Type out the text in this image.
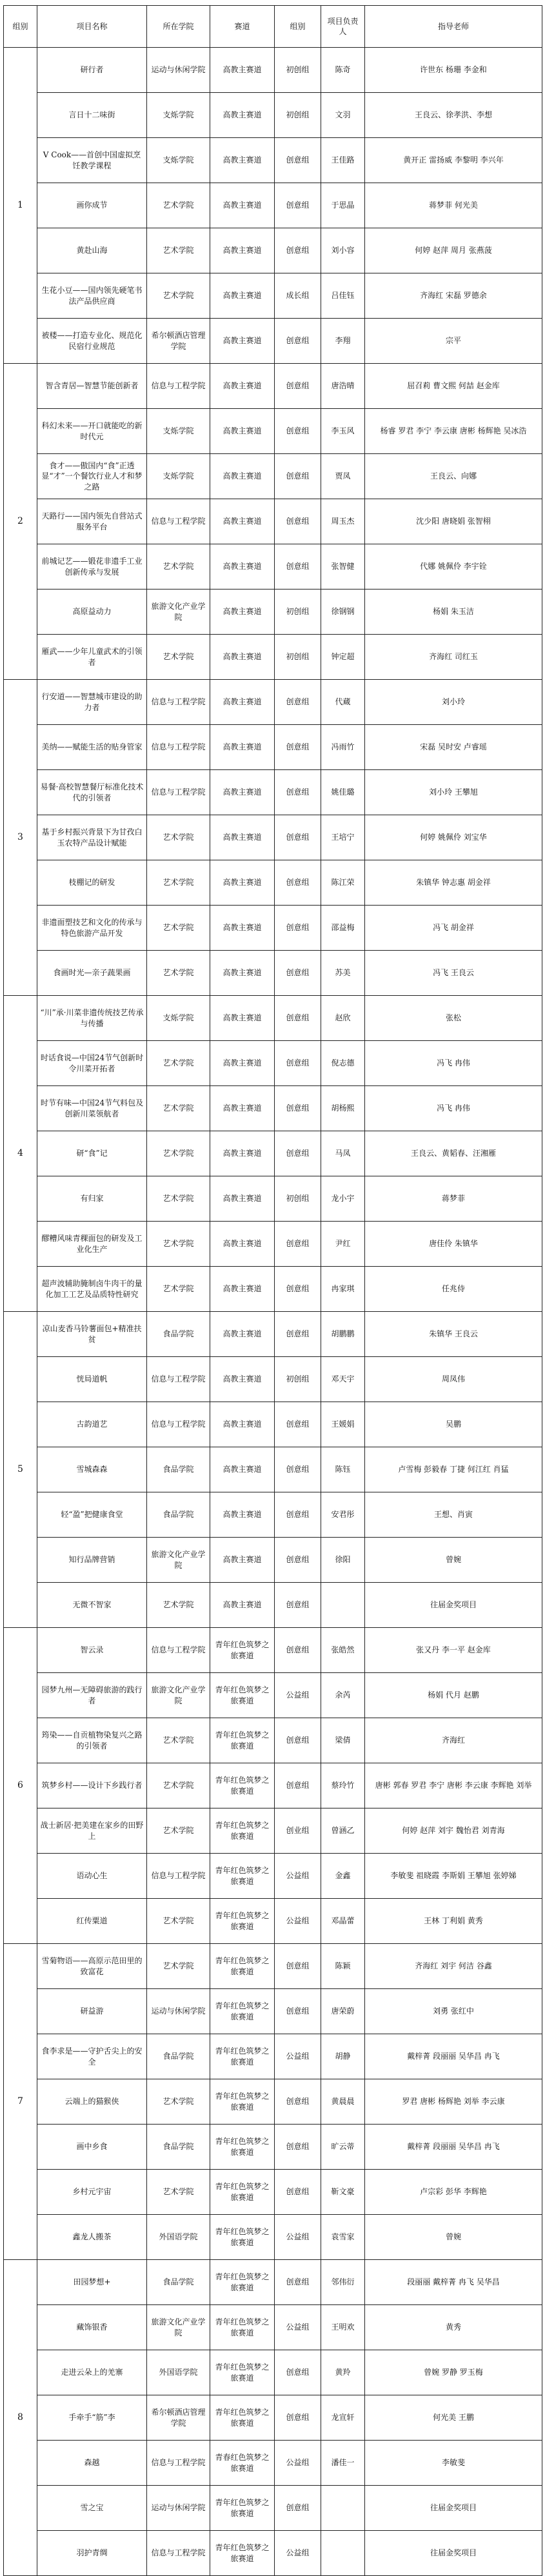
组别	项目名称	所在学院	赛道	组别	项目负责人	指导老师
1	研行者	运动与休闲学院	高教主赛道	初创组	陈奇	许世东 杨珊 李金和
	言日十二味街	支烁学院	高教主赛道	初创组	文羽	王良云、徐孝洪、李想
	V Cook——首创中国虚拟烹饪教学课程	支烁学院	高教主赛道	创意组	王佳路	黄开正 雷扬威 李黎明 李兴年
	画你成节	艺术学院	高教主赛道	创意组	于思晶	蒋梦菲 何光美
	黄赴山海	艺术学院	高教主赛道	创意组	刘小容	何婷 赵萍 周月 张燕菠
	生花小豆——国内领先硬笔书法产品供应商	艺术学院	高教主赛道	成长组	吕佳钰	齐海红 宋磊 罗德余
	被楼——打造专业化、规范化民宿行业规范	希尔顿酒店管理学院	高教主赛道	创意组	李翔	宗平
2	智含青居—智慧节能创新者	信息与工程学院	高教主赛道	创意组	唐浩晴	屈召莉 曹文熙 何喆 赵金库
	科幻未来——开口就能吃的新时代元	支烁学院	高教主赛道	创意组	李玉风	杨睿 罗君 李宁 李云康 唐彬 杨辉艳 吴冰浩
	食才——傲国内“食”正透显“才”一个餐饮行业人才和梦之路	支烁学院	高教主赛道	创意组	贾凤	王良云、向娜
	天路行——国内领先自营站式服务平台	信息与工程学院	高教主赛道	创意组	周玉杰	沈少阳 唐晓娟 张智栩
	前城记艺——锻花非遗手工业创新传承与发展	艺术学院	高教主赛道	创意组	张智健	代娜 姚佩伶 李宇铨
	高原益动力	旅游文化产业学院	高教主赛道	初创组	徐钢钢	杨娟 朱玉洁
	雁武——少年儿童武术的引领者	艺术学院	高教主赛道	初创组	钟定超	齐海红 司红玉
3	行安道——智慧城市建设的助力者	信息与工程学院	高教主赛道	创意组	代蔵	刘小玲
	美纳——赋能生活的贴身管家	信息与工程学院	高教主赛道	创意组	冯雨竹	宋磊 吴时安 卢睿瑶
	易餐·高校智慧餐厅标准化技术代的引领者	信息与工程学院	高教主赛道	创意组	姚佳璐	刘小玲 王攀旭
	基于乡村振兴背景下为甘孜白玉农特产品设计赋能	艺术学院	高教主赛道	创意组	王培宁	何婷 姚佩伶 刘宝华
	枝棚记的研发	艺术学院	高教主赛道	创意组	陈江荣	朱镇华 钟志惠 胡金祥
	非遗面塑技艺和文化的传承与特色旅游产品开发	艺术学院	高教主赛道	创意组	邵益梅	冯飞 胡金祥
	食画时光—亲子蔬果画	艺术学院	高教主赛道	创意组	苏美	冯飞 王良云
4	“川”承·川菜非遗传统技艺传承与传播	支烁学院	高教主赛道	创意组	赵欣	张松
	时话食说—中国24节气创新时令川菜开拓者	艺术学院	高教主赛道	创意组	倪志德	冯飞 冉伟
	时节有味—中国24节气料包及创新川菜领航者	艺术学院	高教主赛道	创意组	胡杨熙	冯飞 冉伟
	研“食”记	艺术学院	高教主赛道	创意组	马凤	王良云、黄韬春、汪湘雁
	有归家	艺术学院	高教主赛道	初创组	龙小宇	蒋梦菲
	醪糟风味青稞面包的研发及工业化生产	艺术学院	高教主赛道	创意组	尹红	唐佳伶 朱镇华
	超声波辅助腌制卤牛肉干的量化加工工艺及品质特性研究	艺术学院	高教主赛道	创意组	冉家琪	任兆侍
5	凉山麦香马铃薯面包+精准扶贫	食品学院	高教主赛道	创意组	胡鹏鹏	朱镇华 王良云
	恍局道帆	信息与工程学院	高教主赛道	初创组	邓天宇	周凤伟
	古韵道艺	信息与工程学院	高教主赛道	创意组	王媛娟	吴鹏
	雪城森森	食品学院	高教主赛道	创意组	陈钰	卢雪梅 彭毅春 丁捷 何江红 肖猛
	轻“盈”把健康食堂	食品学院	高教主赛道	创意组	安君彤	王想、肖寅
	知行品牌营销	旅游文化产业学院	高教主赛道	创意组	徐阳	曾婉
	无微不智家	艺术学院	高教主赛道	创意组		往届金奖项目
6	智云录	信息与工程学院	青年红色筑梦之旅赛道	创意组	张皓然	张又丹 李一平 赵金库
	园梦九州—无障碍旅游的践行者	旅游文化产业学院	青年红色筑梦之旅赛道	公益组	余芮	杨娟 代月 赵鹏
	筠染——自贡植物染复兴之路的引领者	艺术学院	青年红色筑梦之旅赛道	创意组	梁倩	齐海红
	筑梦乡村——设计下乡践行者	艺术学院	青年红色筑梦之旅赛道	创意组	蔡玲竹	唐彬 郭春 罗君 李宁 唐彬 李云康 李辉艳 刘举
	战士新居·把美建在家乡的田野上	艺术学院	青年红色筑梦之旅赛道	创业组	曾涵乙	何婷 赵萍 刘宇 魏怡君 刘青海
	语动心生	信息与工程学院	青年红色筑梦之旅赛道	公益组	金鑫	李敏斐 祖晓霞 李斯娟 王攀旭 张婷娣
	红传粟道	艺术学院	青年红色筑梦之旅赛道	公益组	邓晶蕾	王林 丁利娟 黄秀
7	雪菊物语——高原示范田里的致富花	艺术学院	青年红色筑梦之旅赛道	创意组	陈颖	齐海红 刘宇 何洁 谷鑫
	研益游	运动与休闲学院	青年红色筑梦之旅赛道	创意组	唐荣蔚	刘勇 张红中
	食李求是——守护舌尖上的安全	食品学院	青年红色筑梦之旅赛道	公益组	胡静	戴梓菁 段丽丽 吴华昌 冉飞
	云端上的猫猴侠	艺术学院	青年红色筑梦之旅赛道	创意组	黄晨晨	罗君 唐彬 杨辉艳 刘举 李云康
	画中乡食	食品学院	青年红色筑梦之旅赛道	创意组	旷云蒂	戴梓菁 段丽丽 吴华昌 冉飞
	乡村元宇宙	艺术学院	青年红色筑梦之旅赛道	创意组	靳文豪	卢宗彩 彭华 李辉艳
	鑫龙人搬茶	外国语学院	青年红色筑梦之旅赛道	公益组	袁雪家	曾婉
8	田园梦想+	食品学院	青年红色筑梦之旅赛道	创意组	邻伟衍	段丽丽 戴梓菁 冉飞 吴华昌
	藏饰银香	旅游文化产业学院	青年红色筑梦之旅赛道	公益组	王明欢	黄秀
	走进云朵上的羌寨	外国语学院	青年红色筑梦之旅赛道	创意组	黄羚	曾婉 罗静 罗玉梅
	手牵手“筋”李	希尔顿酒店管理学院	青年红色筑梦之旅赛道	创意组	龙宣轩	何光美 王鹏
	森越	信息与工程学院	青春红色筑梦之旅赛道	公益组	潘佳一	李敏斐
	雪之宝	运动与休闲学院	青年红色筑梦之旅赛道	创意组		往届金奖项目
	羽护青绸	信息与工程学院	青年红色筑梦之旅赛道	公益组		往届金奖项目
